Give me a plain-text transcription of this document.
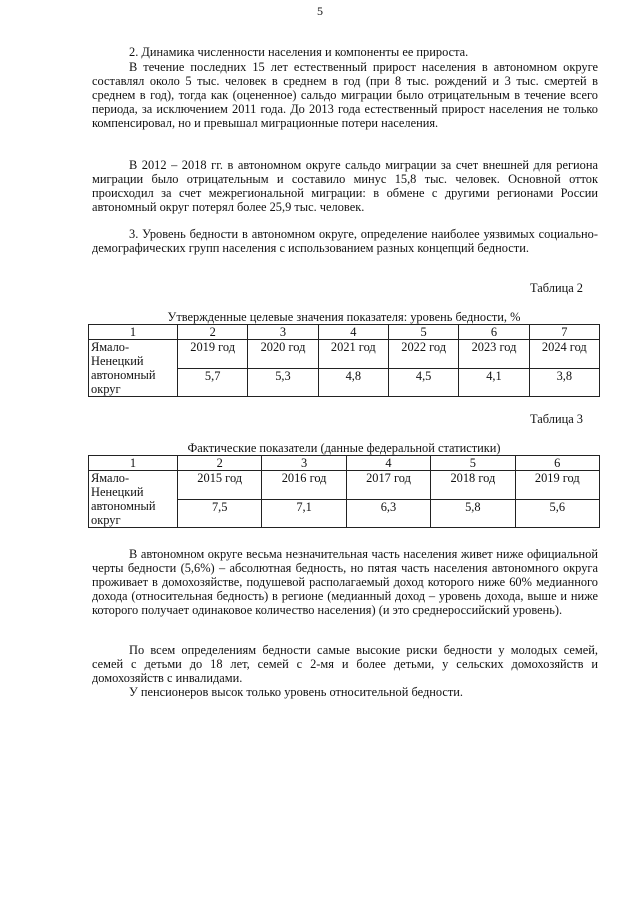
5

2. Динамика численности населения и компоненты ее прироста.

В течение последних 15 лет естественный прирост населения в автономном округе составлял около 5 тыс. человек в среднем в год (при 8 тыс. рождений и 3 тыс. смертей в среднем в год), тогда как (оцененное) сальдо миграции было отрицательным в течение всего периода, за исключением 2011 года. До 2013 года естественный прирост населения не только компенсировал, но и превышал миграционные потери населения.

В 2012 – 2018 гг. в автономном округе сальдо миграции за счет внешней для региона миграции было отрицательным и составило минус 15,8 тыс. человек. Основной отток происходил за счет межрегиональной миграции: в обмене с другими регионами России автономный округ потерял более 25,9 тыс. человек.

3. Уровень бедности в автономном округе, определение наиболее уязвимых социально-демографических групп населения с использованием разных концепций бедности.

Таблица 2
Утвержденные целевые значения показателя: уровень бедности, %						
1	2	3	4	5	6	7
Ямало-
Ненецкий
автономный
округ	2019 год	2020 год	2021 год	2022 год	2023 год	2024 год
	5,7	5,3	4,8	4,5	4,1	3,8
Таблица 3
Фактические показатели (данные федеральной статистики)					
1	2	3	4	5	6
Ямало-
Ненецкий
автономный
округ	2015 год	2016 год	2017 год	2018 год	2019 год
	7,5	7,1	6,3	5,8	5,6

В автономном округе весьма незначительная часть населения живет ниже официальной черты бедности (5,6%) – абсолютная бедность, но пятая часть населения автономного округа проживает в домохозяйстве, подушевой располагаемый доход которого ниже 60% медианного дохода (относительная бедность) в регионе (медианный доход – уровень дохода, выше и ниже которого получает одинаковое количество населения) (и это среднероссийский уровень).

По всем определениям бедности самые высокие риски бедности у молодых семей, семей с детьми до 18 лет, семей с 2-мя и более детьми, у сельских домохозяйств и домохозяйств с инвалидами.

У пенсионеров высок только уровень относительной бедности.
